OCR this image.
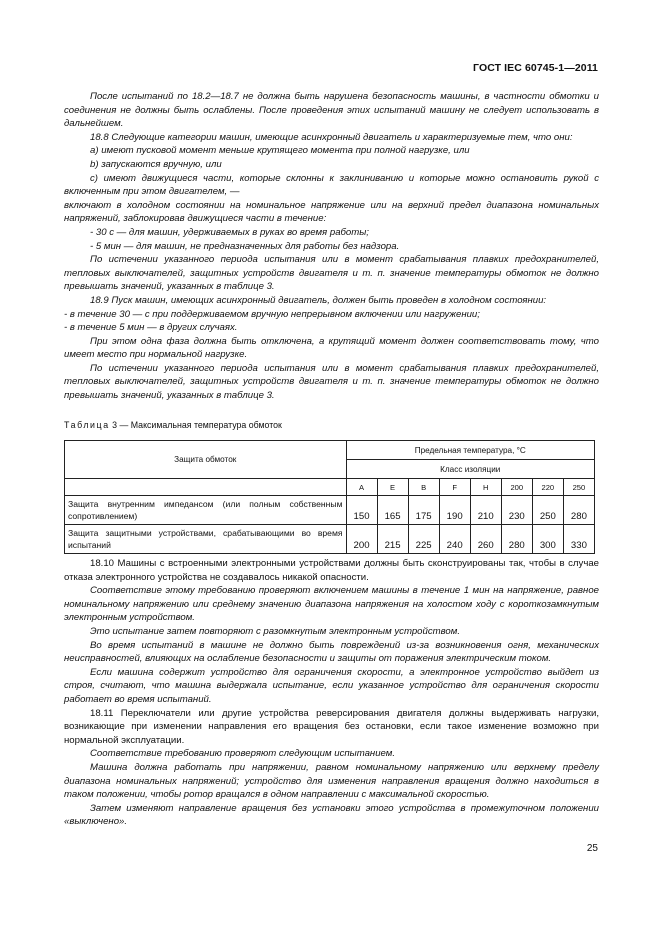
ГОСТ IEC 60745-1—2011

После испытаний по 18.2—18.7 не должна быть нарушена безопасность машины, в частности обмотки и соединения не должны быть ослаблены. После проведения этих испытаний машину не следует использовать в дальнейшем.

18.8 Следующие категории машин, имеющие асинхронный двигатель и характеризуемые тем, что они:

a) имеют пусковой момент меньше крутящего момента при полной нагрузке, или

b) запускаются вручную, или

c) имеют движущиеся части, которые склонны к заклиниванию и которые можно остановить рукой с включенным при этом двигателем, —

включают в холодном состоянии на номинальное напряжение или на верхний предел диапазона номинальных напряжений, заблокировав движущиеся части в течение:

- 30 с — для машин, удерживаемых в руках во время работы;

- 5 мин — для машин, не предназначенных для работы без надзора.

По истечении указанного периода испытания или в момент срабатывания плавких предохранителей, тепловых выключателей, защитных устройств двигателя и т. п. значение температуры обмоток не должно превышать значений, указанных в таблице 3.

18.9 Пуск машин, имеющих асинхронный двигатель, должен быть проведен в холодном состоянии:

- в течение 30 — с при поддерживаемом вручную непрерывном включении или нагружении;

- в течение 5 мин — в других случаях.

При этом одна фаза должна быть отключена, а крутящий момент должен соответствовать тому, что имеет место при нормальной нагрузке.

По истечении указанного периода испытания или в момент срабатывания плавких предохранителей, тепловых выключателей, защитных устройств двигателя и т. п. значение температуры обмоток не должно превышать значений, указанных в таблице 3.

Таблица 3 — Максимальная температура обмоток
Защита обмоток	Предельная температура, °C							
	Класс изоляции							
	A	E	B	F	H	200	220	250
Защита внутренним импедансом (или полным собственным сопротивлением)	150	165	175	190	210	230	250	280
Защита защитными устройствами, срабатывающими во время испытаний	200	215	225	240	260	280	300	330

18.10 Машины с встроенными электронными устройствами должны быть сконструированы так, чтобы в случае отказа электронного устройства не создавалось никакой опасности.

Соответствие этому требованию проверяют включением машины в течение 1 мин на напряжение, равное номинальному напряжению или среднему значению диапазона напряжения на холостом ходу с короткозамкнутым электронным устройством.

Это испытание затем повторяют с разомкнутым электронным устройством.

Во время испытаний в машине не должно быть повреждений из-за возникновения огня, механических неисправностей, влияющих на ослабление безопасности и защиты от поражения электрическим током.

Если машина содержит устройство для ограничения скорости, а электронное устройство выйдет из строя, считают, что машина выдержала испытание, если указанное устройство для ограничения скорости работает во время испытаний.

18.11 Переключатели или другие устройства реверсирования двигателя должны выдерживать нагрузки, возникающие при изменении направления его вращения без остановки, если такое изменение возможно при нормальной эксплуатации.

Соответствие требованию проверяют следующим испытанием.

Машина должна работать при напряжении, равном номинальному напряжению или верхнему пределу диапазона номинальных напряжений; устройство для изменения направления вращения должно находиться в таком положении, чтобы ротор вращался в одном направлении с максимальной скоростью.

Затем изменяют направление вращения без установки этого устройства в промежуточном положении «выключено».

25
